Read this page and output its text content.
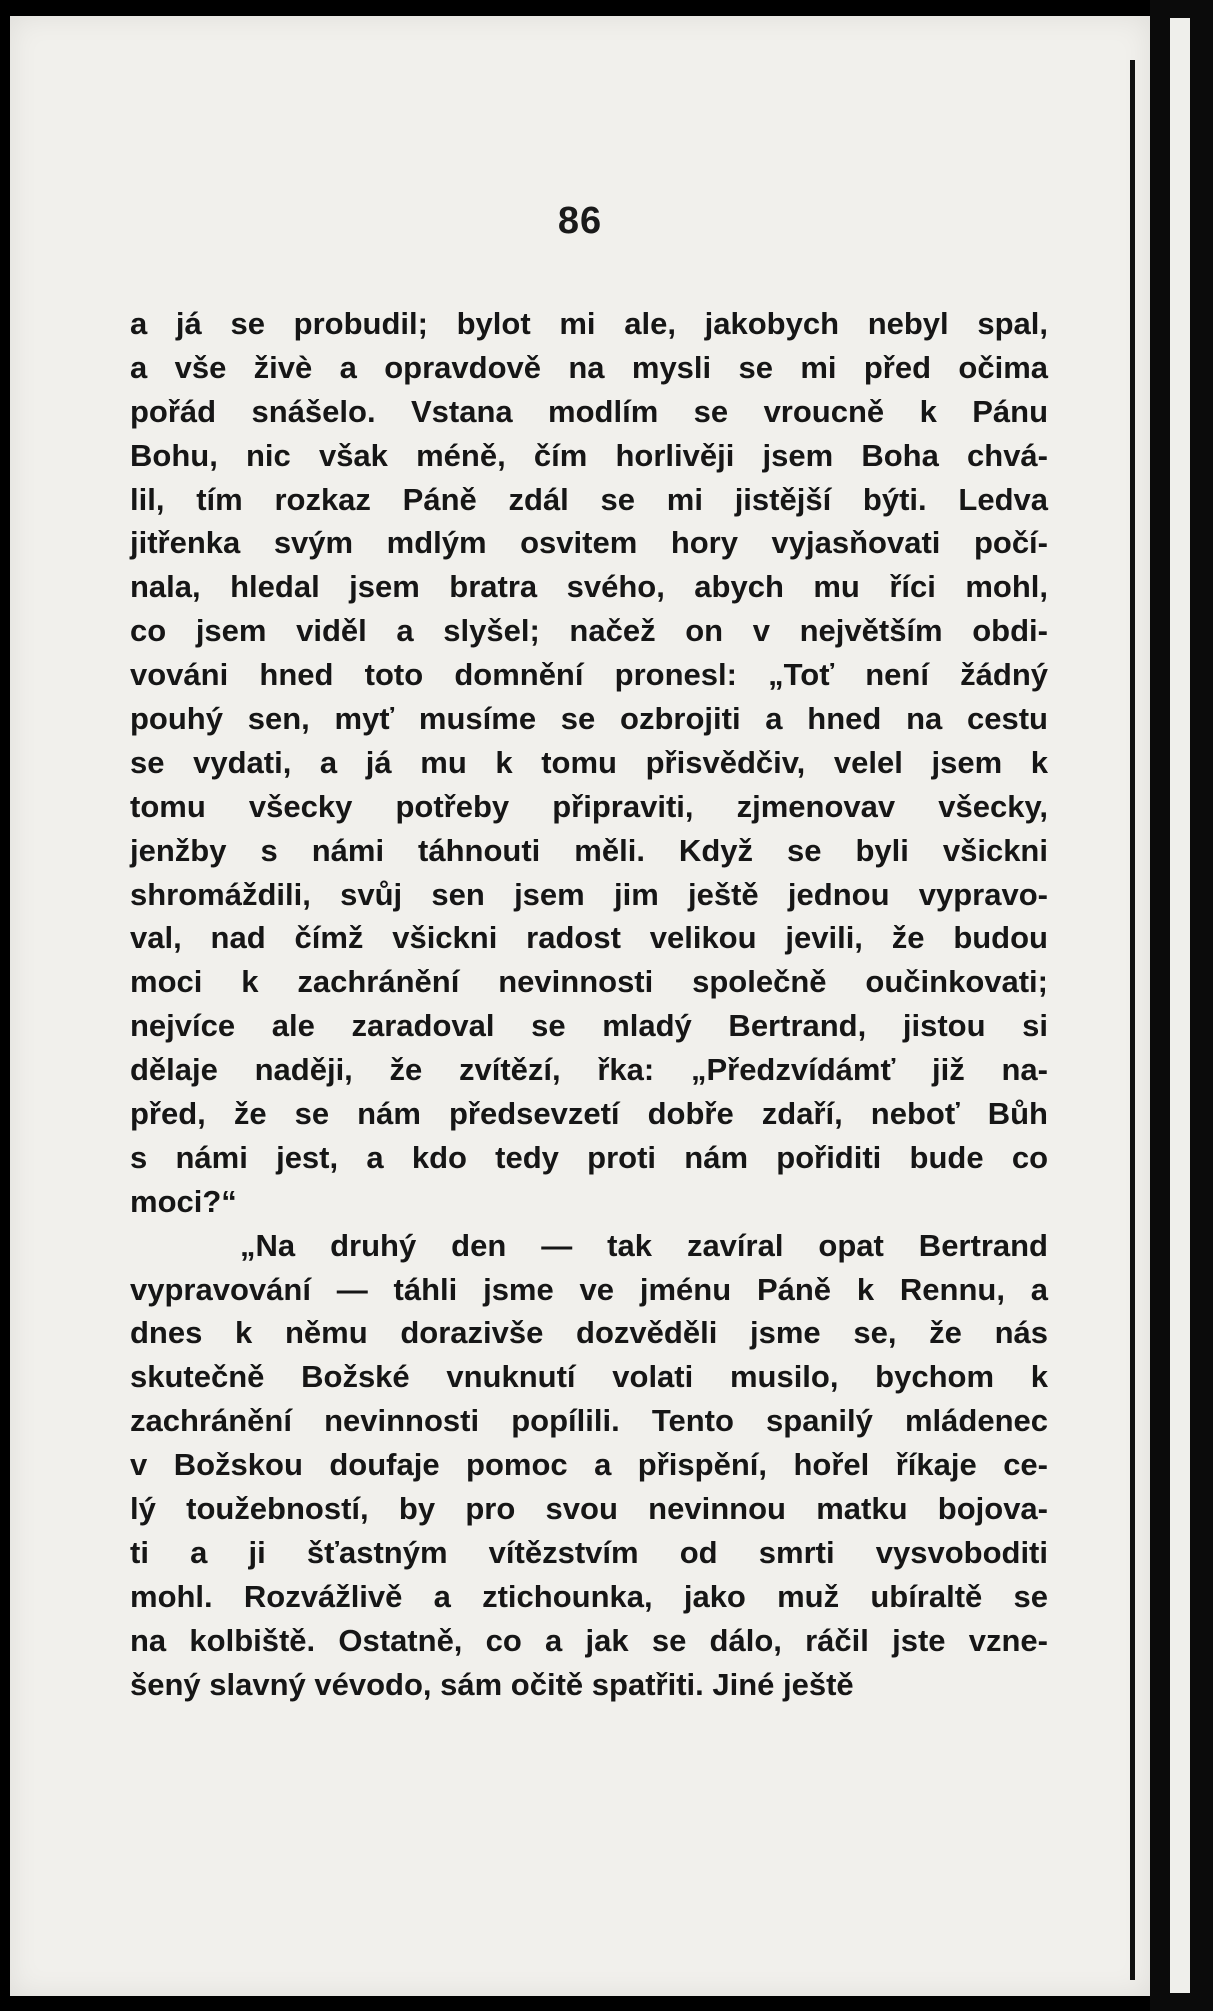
86
a já se probudil; bylot mi ale, jakobych nebyl spal,
a vše živè a opravdově na mysli se mi před očima
pořád snášelo. Vstana modlím se vroucně k Pánu
Bohu, nic však méně, čím horlivěji jsem Boha chvá-
lil, tím rozkaz Páně zdál se mi jistější býti. Ledva
jitřenka svým mdlým osvitem hory vyjasňovati počí-
nala, hledal jsem bratra svého, abych mu říci mohl,
co jsem viděl a slyšel; načež on v největším obdi-
vováni hned toto domnění pronesl: „Toť není žádný
pouhý sen, myť musíme se ozbrojiti a hned na cestu
se vydati, a já mu k tomu přisvědčiv, velel jsem k
tomu všecky potřeby připraviti, zjmenovav všecky,
jenžby s námi táhnouti měli. Když se byli všickni
shromáždili, svůj sen jsem jim ještě jednou vypravo-
val, nad čímž všickni radost velikou jevili, že budou
moci k zachránění nevinnosti společně oučinkovati;
nejvíce ale zaradoval se mladý Bertrand, jistou si
dělaje naději, že zvítězí, řka: „Předzvídámť již na-
před, že se nám předsevzetí dobře zdaří, neboť Bůh
s námi jest, a kdo tedy proti nám pořiditi bude co
moci?“
„Na druhý den — tak zavíral opat Bertrand
vypravování — táhli jsme ve jménu Páně k Rennu, a
dnes k němu dorazivše dozvěděli jsme se, že nás
skutečně Božské vnuknutí volati musilo, bychom k
zachránění nevinnosti popílili. Tento spanilý mládenec
v Božskou doufaje pomoc a přispění, hořel říkaje ce-
lý toužebností, by pro svou nevinnou matku bojova-
ti a ji šťastným vítězstvím od smrti vysvoboditi
mohl. Rozvážlivě a ztichounka, jako muž ubíraltě se
na kolbiště. Ostatně, co a jak se dálo, ráčil jste vzne-
šený slavný vévodo, sám očitě spatřiti. Jiné ještě
